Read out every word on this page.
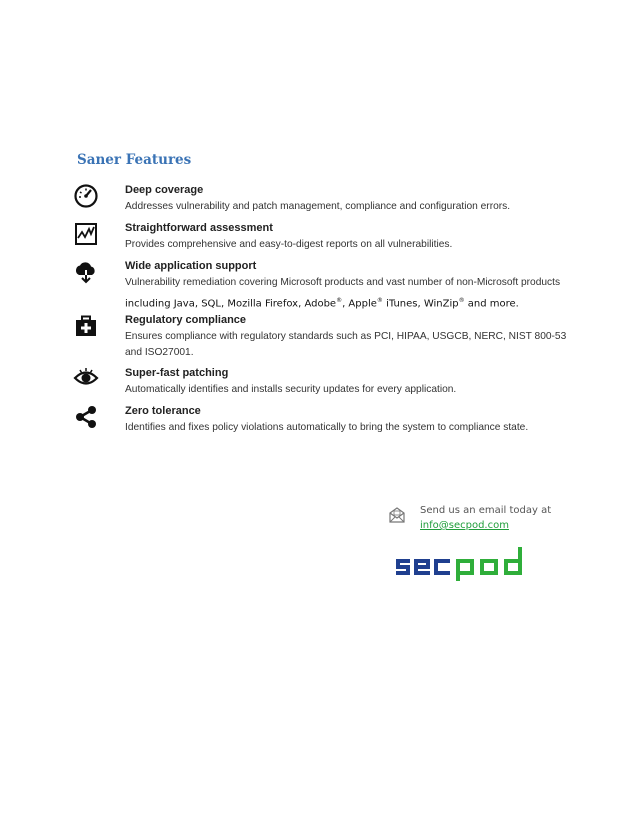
Saner Features
Deep coverage
Addresses vulnerability and patch management, compliance and configuration errors.
Straightforward assessment
Provides comprehensive and easy-to-digest reports on all vulnerabilities.
Wide application support
Vulnerability remediation covering Microsoft products and vast number of non-Microsoft products
including Java, SQL, Mozilla Firefox, Adobe®, Apple® iTunes, WinZip® and more.
Regulatory compliance
Ensures compliance with regulatory standards such as PCI, HIPAA, USGCB, NERC, NIST 800-53 and ISO27001.
Super-fast patching
Automatically identifies and installs security updates for every application.
Zero tolerance
Identifies and fixes policy violations automatically to bring the system to compliance state.
Send us an email today at
info@secpod.com
